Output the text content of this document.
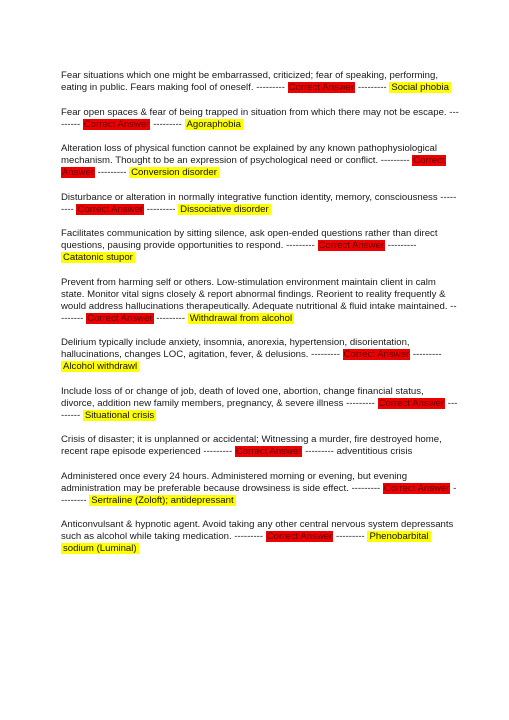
Fear situations which one might be embarrassed, criticized; fear of speaking, performing, eating in public. Fears making fool of oneself. --------- Correct Answer --------- Social phobia
Fear open spaces & fear of being trapped in situation from which there may not be escape. --------- Correct Answer --------- Agoraphobia
Alteration loss of physical function cannot be explained by any known pathophysiological mechanism. Thought to be an expression of psychological need or conflict. --------- Correct Answer --------- Conversion disorder
Disturbance or alteration in normally integrative function identity, memory, consciousness --------- Correct Answer --------- Dissociative disorder
Facilitates communication by sitting silence, ask open-ended questions rather than direct questions, pausing provide opportunities to respond. --------- Correct Answer --------- Catatonic stupor
Prevent from harming self or others. Low-stimulation environment maintain client in calm state. Monitor vital signs closely & report abnormal findings. Reorient to reality frequently & would address hallucinations therapeutically. Adequate nutritional & fluid intake maintained. --------- Correct Answer --------- Withdrawal from alcohol
Delirium typically include anxiety, insomnia, anorexia, hypertension, disorientation, hallucinations, changes LOC, agitation, fever, & delusions. --------- Correct Answer --------- Alcohol withdrawl
Include loss of or change of job, death of loved one, abortion, change financial status, divorce, addition new family members, pregnancy, & severe illness --------- Correct Answer --------- Situational crisis
Crisis of disaster; it is unplanned or accidental; Witnessing a murder, fire destroyed home, recent rape episode experienced --------- Correct Answer --------- adventitious crisis
Administered once every 24 hours. Administered morning or evening, but evening administration may be preferable because drowsiness is side effect. --------- Correct Answer --------- Sertraline (Zoloft); antidepressant
Anticonvulsant & hypnotic agent. Avoid taking any other central nervous system depressants such as alcohol while taking medication. --------- Correct Answer --------- Phenobarbital sodium (Luminal)
